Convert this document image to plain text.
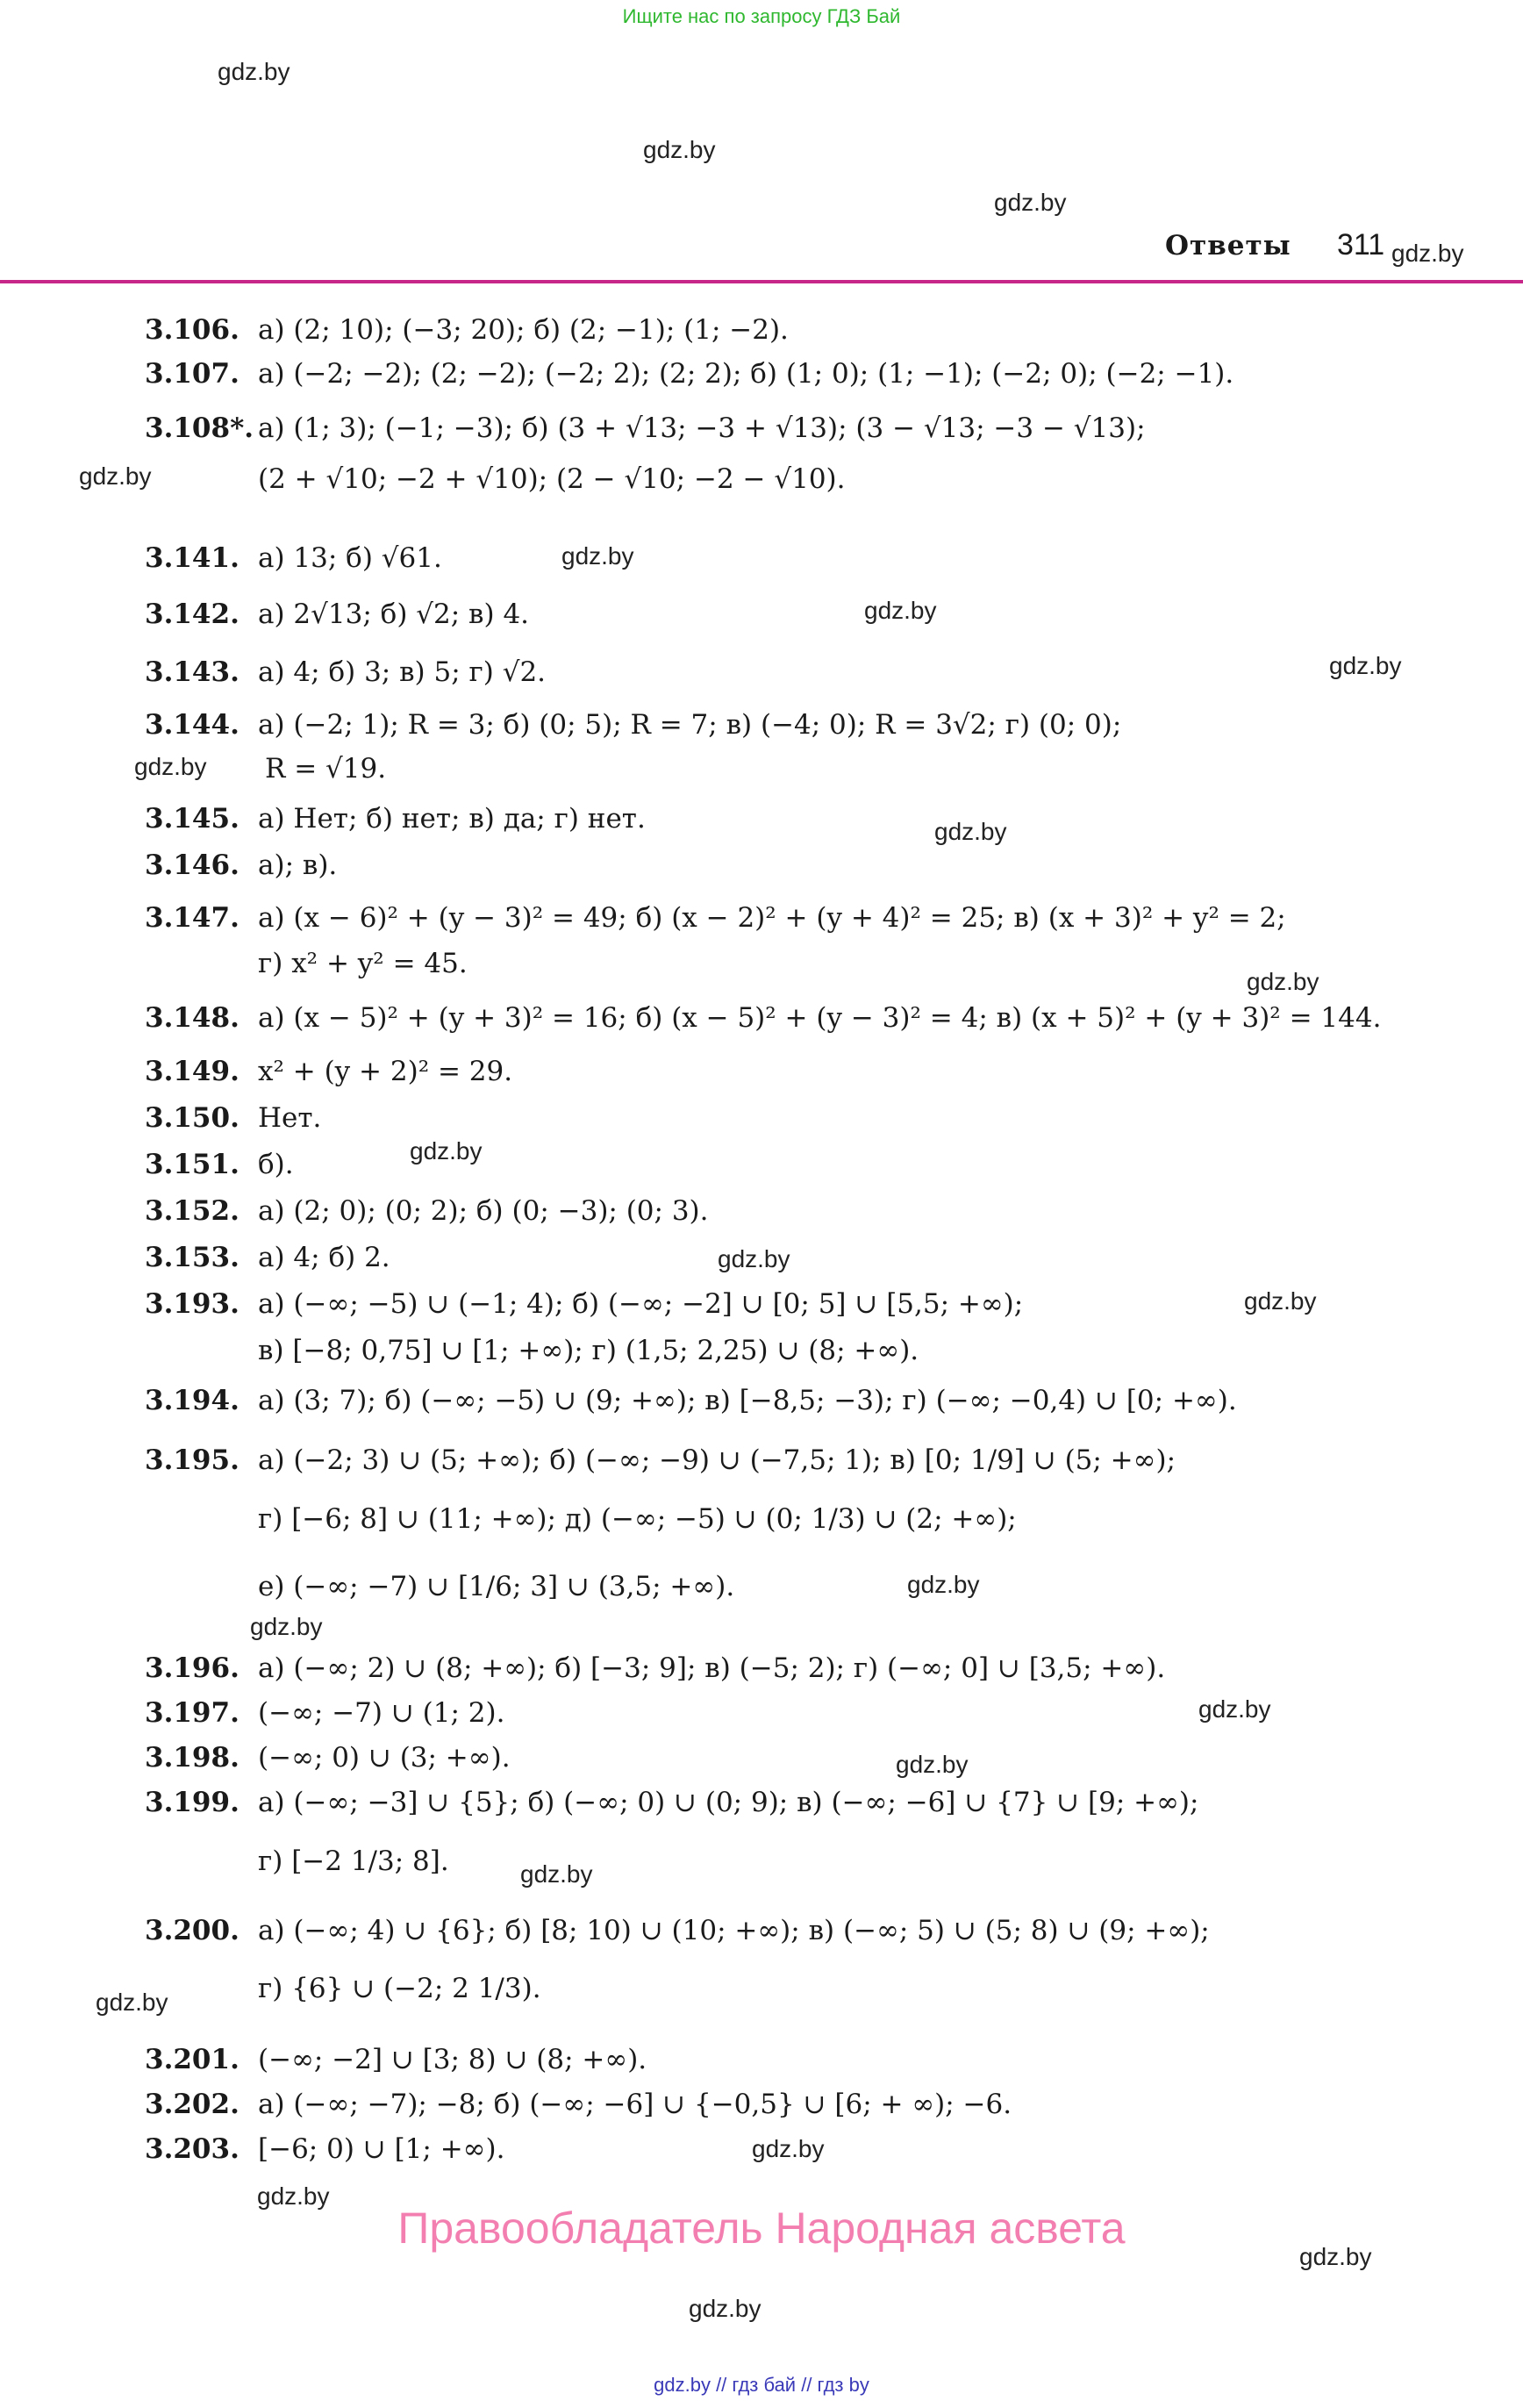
Ищите нас по запросу ГДЗ Бай
gdz.by
gdz.by
gdz.by
gdz.by
gdz.by
gdz.by
gdz.by
gdz.by
gdz.by
gdz.by
gdz.by
gdz.by
gdz.by
gdz.by
gdz.by
gdz.by
gdz.by
gdz.by
gdz.by
gdz.by
gdz.by
gdz.by
gdz.by
gdz.by
Ответы 311
3.106. а) (2; 10); (−3; 20); б) (2; −1); (1; −2).
3.107. а) (−2; −2); (2; −2); (−2; 2); (2; 2); б) (1; 0); (1; −1); (−2; 0); (−2; −1).
3.108*. а) (1; 3); (−1; −3); б) (3 + √13; −3 + √13); (3 − √13; −3 − √13);
(2 + √10; −2 + √10); (2 − √10; −2 − √10).
3.141. а) 13; б) √61.
3.142. а) 2√13; б) √2; в) 4.
3.143. а) 4; б) 3; в) 5; г) √2.
3.144. а) (−2; 1); R = 3; б) (0; 5); R = 7; в) (−4; 0); R = 3√2; г) (0; 0);
R = √19.
3.145. а) Нет; б) нет; в) да; г) нет.
3.146. а); в).
3.147. а) (x − 6)² + (y − 3)² = 49; б) (x − 2)² + (y + 4)² = 25; в) (x + 3)² + y² = 2;
г) x² + y² = 45.
3.148. а) (x − 5)² + (y + 3)² = 16; б) (x − 5)² + (y − 3)² = 4; в) (x + 5)² + (y + 3)² = 144.
3.149. x² + (y + 2)² = 29.
3.150. Нет.
3.151. б).
3.152. а) (2; 0); (0; 2); б) (0; −3); (0; 3).
3.153. а) 4; б) 2.
3.193. а) (−∞; −5) ∪ (−1; 4); б) (−∞; −2] ∪ [0; 5] ∪ [5,5; +∞);
в) [−8; 0,75] ∪ [1; +∞); г) (1,5; 2,25) ∪ (8; +∞).
3.194. а) (3; 7); б) (−∞; −5) ∪ (9; +∞); в) [−8,5; −3); г) (−∞; −0,4) ∪ [0; +∞).
3.195. а) (−2; 3) ∪ (5; +∞); б) (−∞; −9) ∪ (−7,5; 1); в) [0; 1/9] ∪ (5; +∞);
г) [−6; 8] ∪ (11; +∞); д) (−∞; −5) ∪ (0; 1/3) ∪ (2; +∞);
е) (−∞; −7) ∪ [1/6; 3] ∪ (3,5; +∞).
3.196. а) (−∞; 2) ∪ (8; +∞); б) [−3; 9]; в) (−5; 2); г) (−∞; 0] ∪ [3,5; +∞).
3.197. (−∞; −7) ∪ (1; 2).
3.198. (−∞; 0) ∪ (3; +∞).
3.199. а) (−∞; −3] ∪ {5}; б) (−∞; 0) ∪ (0; 9); в) (−∞; −6] ∪ {7} ∪ [9; +∞);
г) [−2 1/3; 8].
3.200. а) (−∞; 4) ∪ {6}; б) [8; 10) ∪ (10; +∞); в) (−∞; 5) ∪ (5; 8) ∪ (9; +∞);
г) {6} ∪ (−2; 2 1/3).
3.201. (−∞; −2] ∪ [3; 8) ∪ (8; +∞).
3.202. а) (−∞; −7); −8; б) (−∞; −6] ∪ {−0,5} ∪ [6; + ∞); −6.
3.203. [−6; 0) ∪ [1; +∞).
Правообладатель Народная асвета
gdz.by // гдз бай // гдз by
